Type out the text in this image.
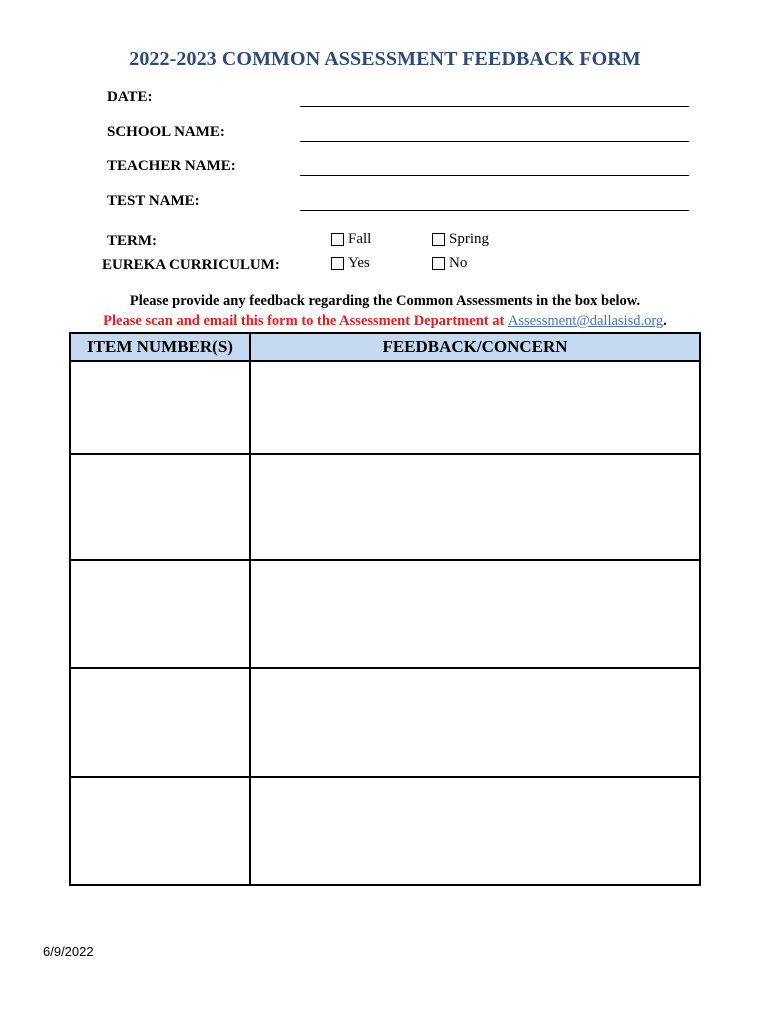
2022-2023 COMMON ASSESSMENT FEEDBACK FORM
DATE:
SCHOOL NAME:
TEACHER NAME:
TEST NAME:
TERM:	Fall	Spring
EUREKA CURRICULUM:	Yes	No
Please provide any feedback regarding the Common Assessments in the box below.
Please scan and email this form to the Assessment Department at Assessment@dallasisd.org.
ITEM NUMBER(S)	FEEDBACK/CONCERN

6/9/2022
